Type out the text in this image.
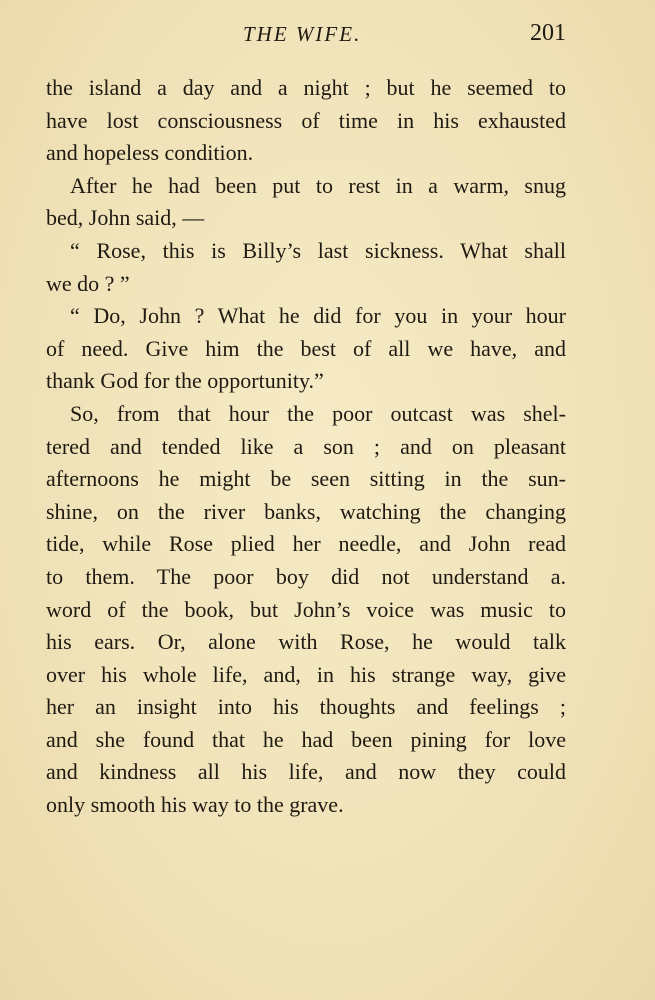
THE WIFE.	201
the island a day and a night ; but he seemed to
have lost consciousness of time in his exhausted
and hopeless condition.
After he had been put to rest in a warm, snug
bed, John said, —
“ Rose, this is Billy’s last sickness. What shall
we do ? ”
“ Do, John ? What he did for you in your hour
of need. Give him the best of all we have, and
thank God for the opportunity.”
So, from that hour the poor outcast was shel-
tered and tended like a son ; and on pleasant
afternoons he might be seen sitting in the sun-
shine, on the river banks, watching the changing
tide, while Rose plied her needle, and John read
to them. The poor boy did not understand a.
word of the book, but John’s voice was music to
his ears. Or, alone with Rose, he would talk
over his whole life, and, in his strange way, give
her an insight into his thoughts and feelings ;
and she found that he had been pining for love
and kindness all his life, and now they could
only smooth his way to the grave.
